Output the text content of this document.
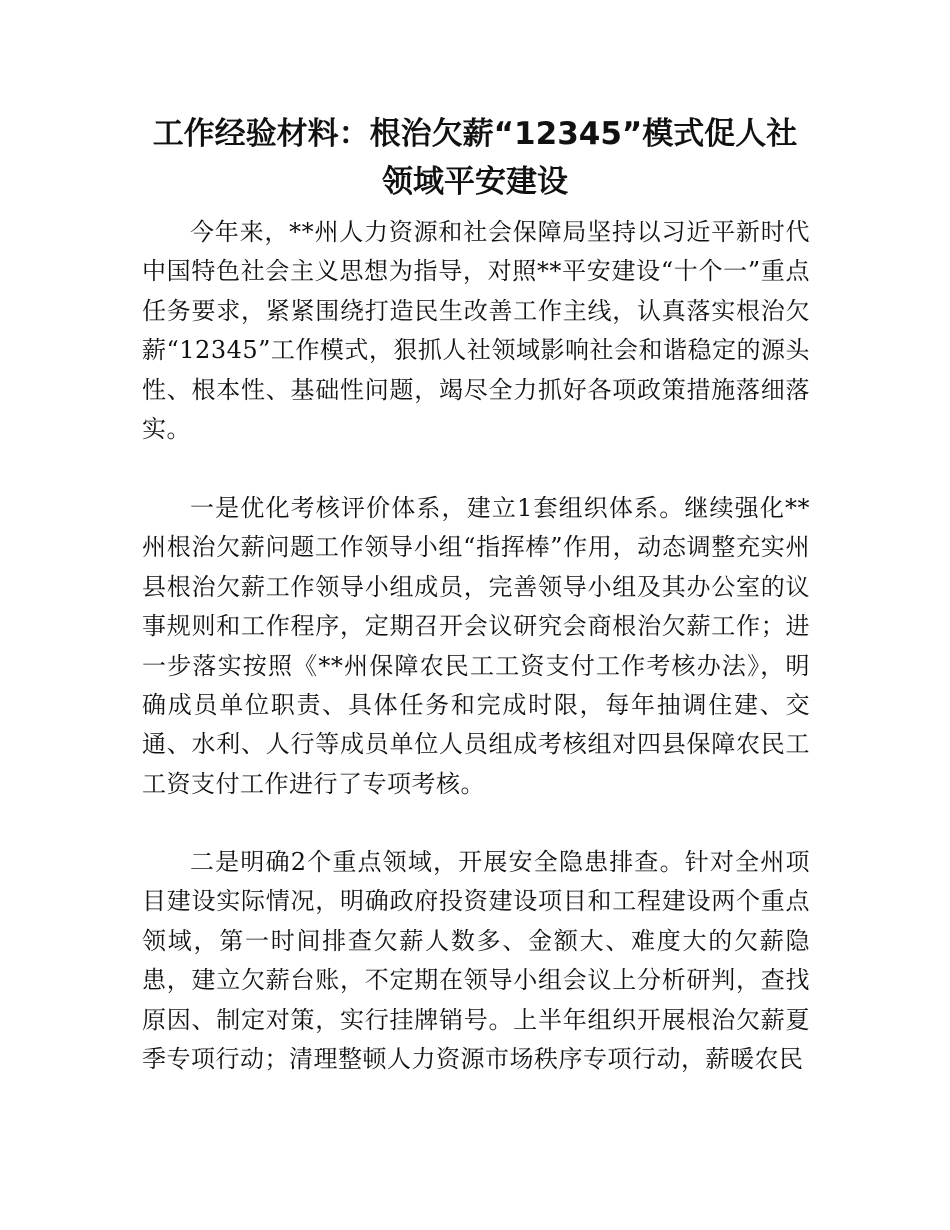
工作经验材料：根治欠薪“12345”模式促人社领域平安建设

今年来，**州人力资源和社会保障局坚持以习近平新时代中国特色社会主义思想为指导，对照**平安建设“十个一”重点任务要求，紧紧围绕打造民生改善工作主线，认真落实根治欠薪“12345”工作模式，狠抓人社领域影响社会和谐稳定的源头性、根本性、基础性问题，竭尽全力抓好各项政策措施落细落实。

一是优化考核评价体系，建立1套组织体系。继续强化**州根治欠薪问题工作领导小组“指挥棒”作用，动态调整充实州县根治欠薪工作领导小组成员，完善领导小组及其办公室的议事规则和工作程序，定期召开会议研究会商根治欠薪工作；进一步落实按照《**州保障农民工工资支付工作考核办法》，明确成员单位职责、具体任务和完成时限，每年抽调住建、交通、水利、人行等成员单位人员组成考核组对四县保障农民工工资支付工作进行了专项考核。

二是明确2个重点领域，开展安全隐患排查。针对全州项目建设实际情况，明确政府投资建设项目和工程建设两个重点领域，第一时间排查欠薪人数多、金额大、难度大的欠薪隐患，建立欠薪台账，不定期在领导小组会议上分析研判，查找原因、制定对策，实行挂牌销号。上半年组织开展根治欠薪夏季专项行动；清理整顿人力资源市场秩序专项行动，薪暖农民
